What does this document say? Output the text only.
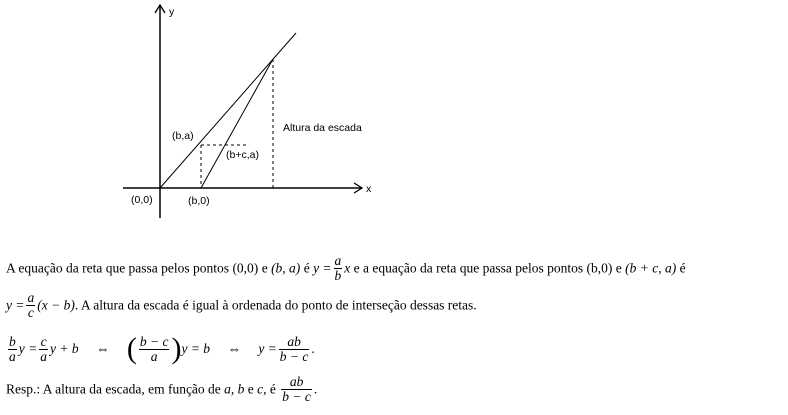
y
x
(0,0)	(b,0)
(b,a)
(b+c,a)
Altura da escada
A equação da reta que passa pelos pontos (0,0) e (b, a) é $y = \frac{a}{b}$ x e a equação da reta que passa pelos pontos (b,0) e (b + c, a) é
$y = \frac{a}{c} (x - b)$. A altura da escada é igual à ordenada do ponto de interseção dessas retas.
$\frac{b}{a}$ $y = \frac{c}{a}$ y + b ⇔ ( $\frac{b - c}{a} )y = b$ ⇔ $y = \frac{ab}{b - c}$ .
Resp.: A altura da escada, em função de a, b e c, é $\frac{ab}{b - c}$ .
